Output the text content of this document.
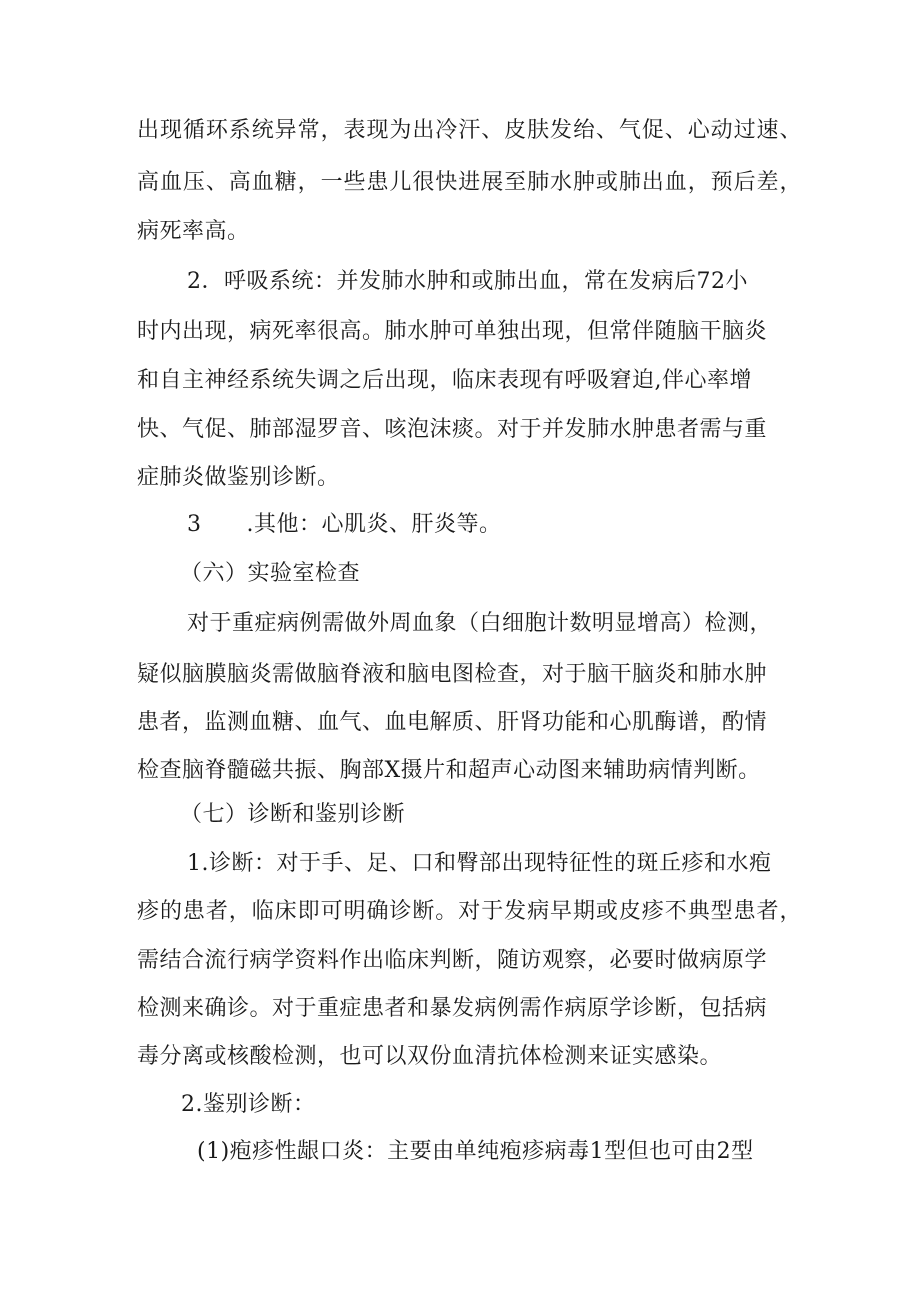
出现循环系统异常，表现为出冷汗、皮肤发绐、气促、心动过速、
高血压、高血糖，一些患儿很快进展至肺水肿或肺出血，预后差，
病死率高。
2．呼吸系统：并发肺水肿和或肺出血，常在发病后72小
时内出现，病死率很高。肺水肿可单独出现，但常伴随脑干脑炎
和自主神经系统失调之后出现，临床表现有呼吸窘迫,伴心率增
快、气促、肺部湿罗音、咳泡沫痰。对于并发肺水肿患者需与重
症肺炎做鉴别诊断。
3　　.其他：心肌炎、肝炎等。
（六）实验室检查
对于重症病例需做外周血象（白细胞计数明显增高）检测，
疑似脑膜脑炎需做脑脊液和脑电图检查，对于脑干脑炎和肺水肿
患者，监测血糖、血气、血电解质、肝肾功能和心肌酶谱，酌情
检查脑脊髓磁共振、胸部X摄片和超声心动图来辅助病情判断。
（七）诊断和鉴别诊断
1.诊断：对于手、足、口和臀部出现特征性的斑丘疹和水疱
疹的患者，临床即可明确诊断。对于发病早期或皮疹不典型患者，
需结合流行病学资料作出临床判断，随访观察，必要时做病原学
检测来确诊。对于重症患者和暴发病例需作病原学诊断，包括病
毒分离或核酸检测，也可以双份血清抗体检测来证实感染。
2.鉴别诊断：
(1)疱疹性龈口炎：主要由单纯疱疹病毒1型但也可由2型
